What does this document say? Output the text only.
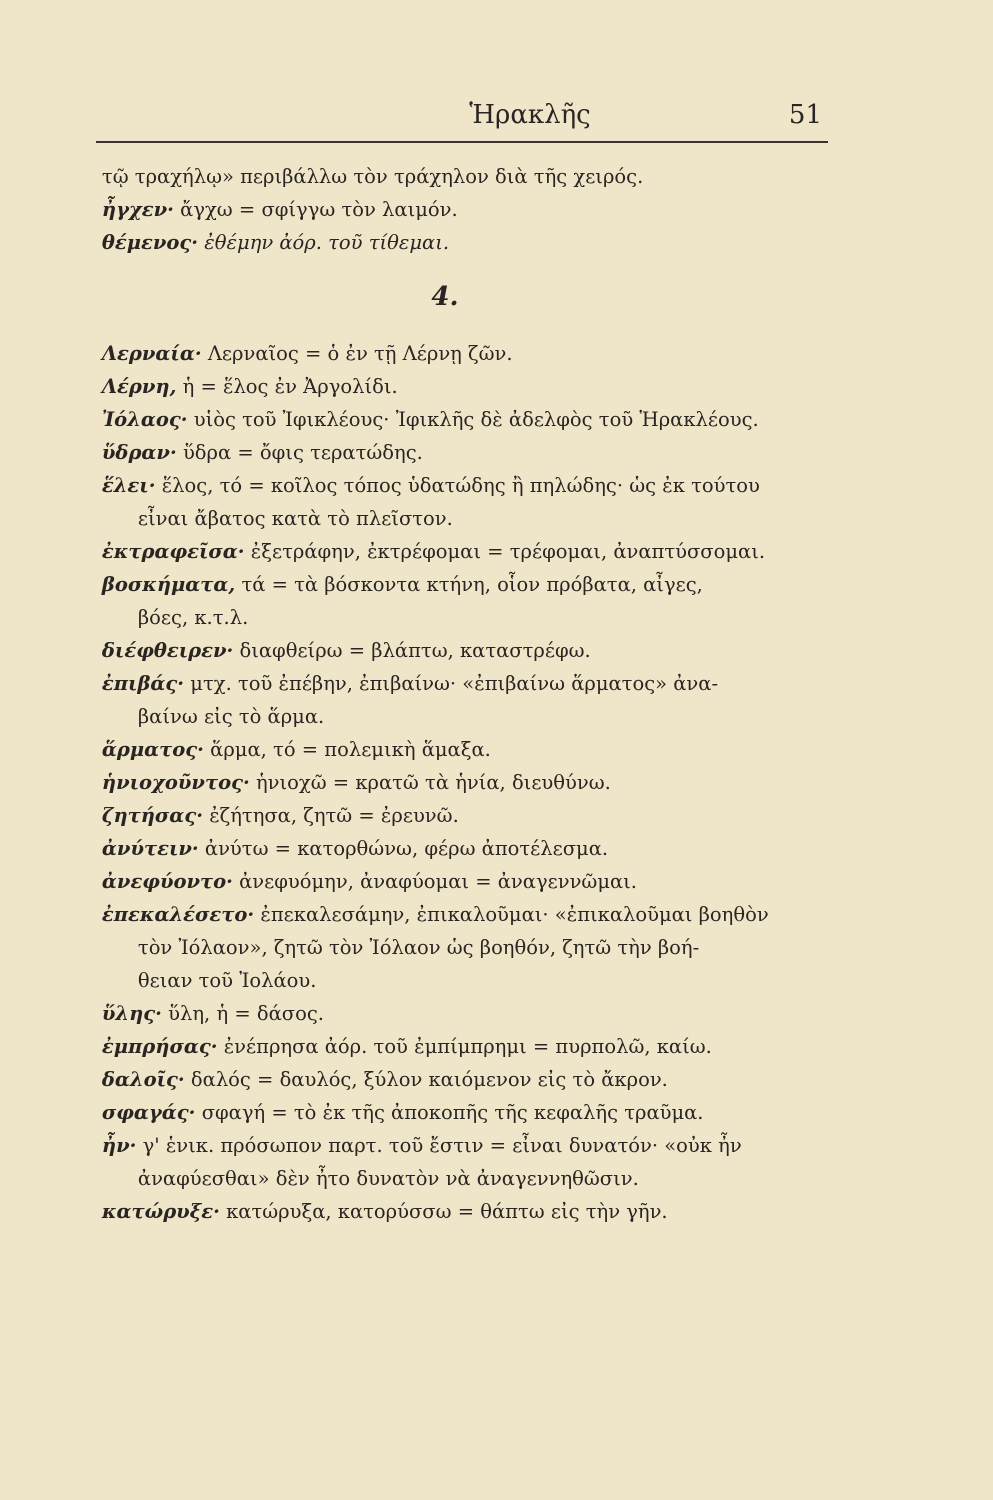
Ἡρακλῆς	51
τῷ τραχήλῳ» περιβάλλω τὸν τράχηλον διὰ τῆς χειρός.
ἦγχεν· ἄγχω = σφίγγω τὸν λαιμόν.
θέμενος· ἐθέμην ἀόρ. τοῦ τίθεμαι.
4.
Λερναία· Λερναῖος = ὁ ἐν τῇ Λέρνῃ ζῶν.
Λέρνη, ἡ = ἕλος ἐν Ἀργολίδι.
Ἰόλαος· υἱὸς τοῦ Ἰφικλέους· Ἰφικλῆς δὲ ἀδελφὸς τοῦ Ἡρακλέους.
ὕδραν· ὕδρα = ὄφις τερατώδης.
ἕλει· ἕλος, τό = κοῖλος τόπος ὑδατώδης ἢ πηλώδης· ὡς ἐκ τούτου
εἶναι ἄβατος κατὰ τὸ πλεῖστον.
ἐκτραφεῖσα· ἐξετράφην, ἐκτρέφομαι = τρέφομαι, ἀναπτύσσομαι.
βοσκήματα, τά = τὰ βόσκοντα κτήνη, οἷον πρόβατα, αἶγες,
βόες, κ.τ.λ.
διέφθειρεν· διαφθείρω = βλάπτω, καταστρέφω.
ἐπιβάς· μτχ. τοῦ ἐπέβην, ἐπιβαίνω· «ἐπιβαίνω ἅρματος» ἀνα-
βαίνω εἰς τὸ ἅρμα.
ἅρματος· ἅρμα, τό = πολεμικὴ ἅμαξα.
ἡνιοχοῦντος· ἡνιοχῶ = κρατῶ τὰ ἡνία, διευθύνω.
ζητήσας· ἐζήτησα, ζητῶ = ἐρευνῶ.
ἀνύτειν· ἀνύτω = κατορθώνω, φέρω ἀποτέλεσμα.
ἀνεφύοντο· ἀνεφυόμην, ἀναφύομαι = ἀναγεννῶμαι.
ἐπεκαλέσετο· ἐπεκαλεσάμην, ἐπικαλοῦμαι· «ἐπικαλοῦμαι βοηθὸν
τὸν Ἰόλαον», ζητῶ τὸν Ἰόλαον ὡς βοηθόν, ζητῶ τὴν βοή-
θειαν τοῦ Ἰολάου.
ὕλης· ὕλη, ἡ = δάσος.
ἐμπρήσας· ἐνέπρησα ἀόρ. τοῦ ἐμπίμπρημι = πυρπολῶ, καίω.
δαλοῖς· δαλός = δαυλός, ξύλον καιόμενον εἰς τὸ ἄκρον.
σφαγάς· σφαγή = τὸ ἐκ τῆς ἀποκοπῆς τῆς κεφαλῆς τραῦμα.
ἦν· γ' ἑνικ. πρόσωπον παρτ. τοῦ ἔστιν = εἶναι δυνατόν· «οὐκ ἦν
ἀναφύεσθαι» δὲν ἦτο δυνατὸν νὰ ἀναγεννηθῶσιν.
κατώρυξε· κατώρυξα, κατορύσσω = θάπτω εἰς τὴν γῆν.
